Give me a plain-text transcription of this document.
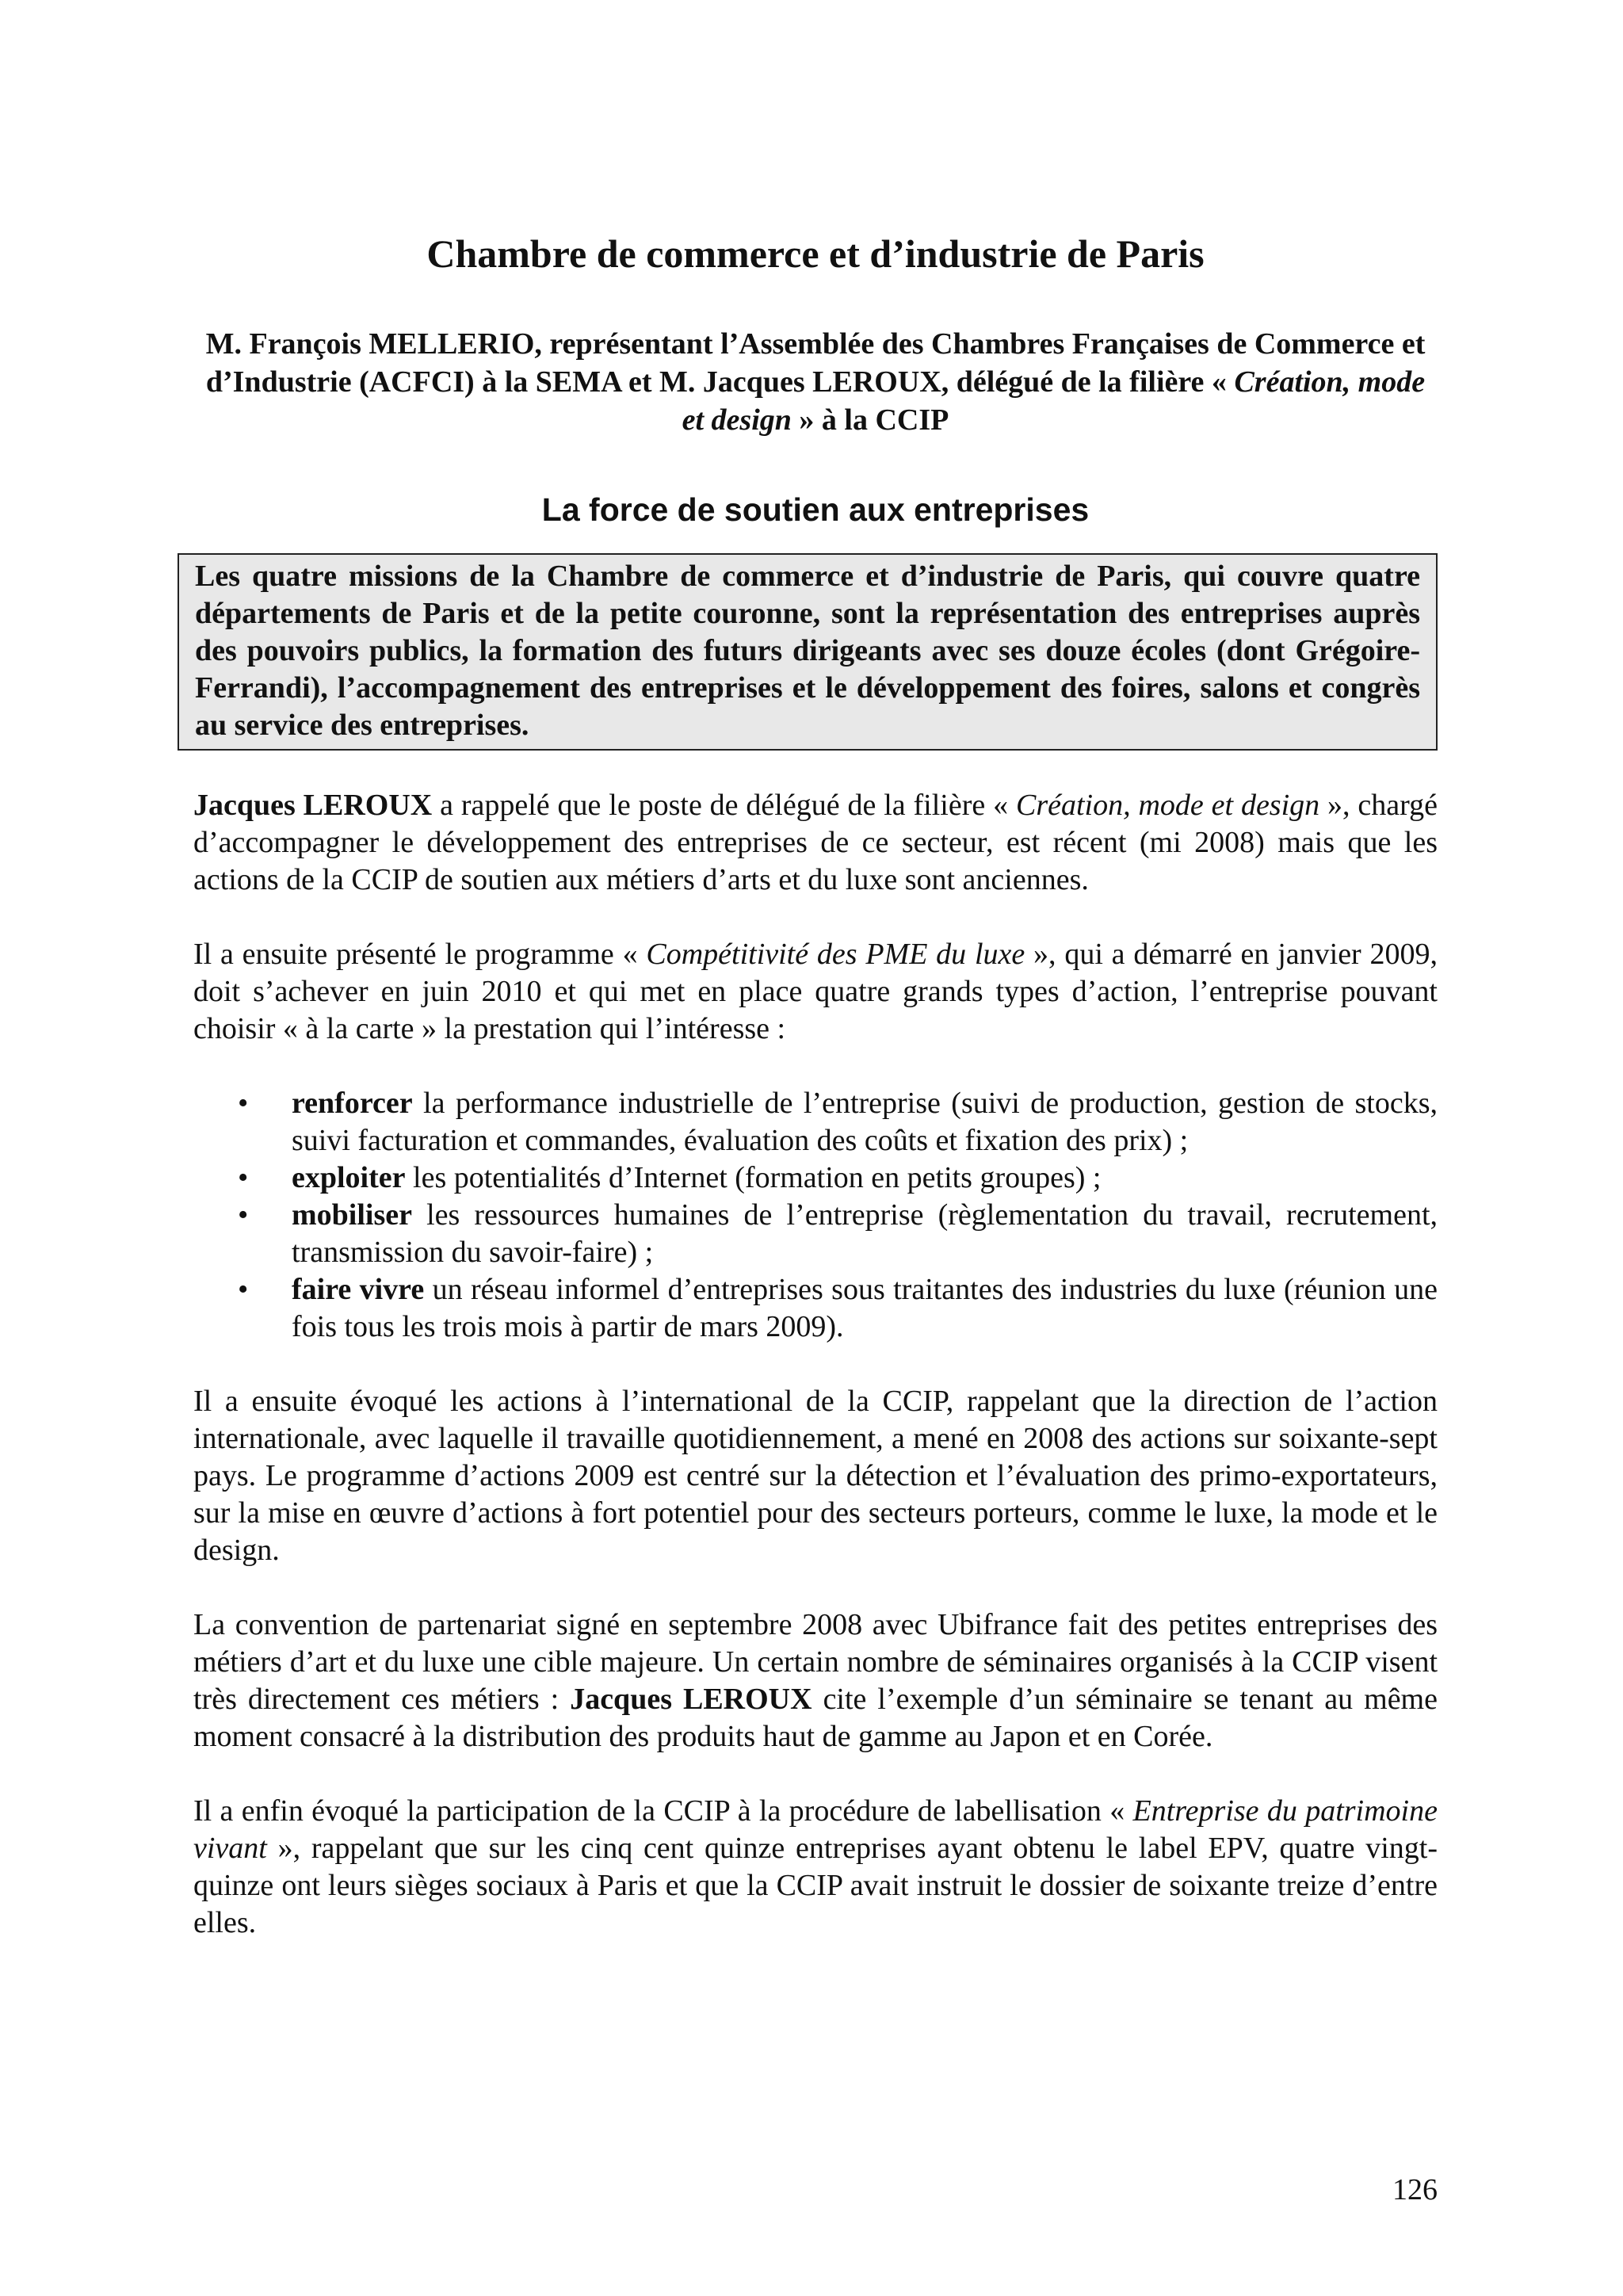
Chambre de commerce et d’industrie de Paris
M. François MELLERIO, représentant l’Assemblée des Chambres Françaises de Commerce et d’Industrie (ACFCI) à la SEMA et M. Jacques LEROUX, délégué de la filière « Création, mode et design » à la CCIP
La force de soutien aux entreprises
Les quatre missions de la Chambre de commerce et d’industrie de Paris, qui couvre quatre départements de Paris et de la petite couronne, sont la représentation des entreprises auprès des pouvoirs publics, la formation des futurs dirigeants avec ses douze écoles (dont Grégoire-Ferrandi), l’accompagnement des entreprises et le développement des foires, salons et congrès au service des entreprises.

Jacques LEROUX a rappelé que le poste de délégué de la filière « Création, mode et design », chargé d’accompagner le développement des entreprises de ce secteur, est récent (mi 2008) mais que les actions de la CCIP de soutien aux métiers d’arts et du luxe sont anciennes.

Il a ensuite présenté le programme « Compétitivité des PME du luxe », qui a démarré en janvier 2009, doit s’achever en juin 2010 et qui met en place quatre grands types d’action, l’entreprise pouvant choisir « à la carte » la prestation qui l’intéresse :

• renforcer la performance industrielle de l’entreprise (suivi de production, gestion de stocks, suivi facturation et commandes, évaluation des coûts et fixation des prix) ;
• exploiter les potentialités d’Internet (formation en petits groupes) ;
• mobiliser les ressources humaines de l’entreprise (règlementation du travail, recrutement, transmission du savoir-faire) ;
• faire vivre un réseau informel d’entreprises sous traitantes des industries du luxe (réunion une fois tous les trois mois à partir de mars 2009).

Il a ensuite évoqué les actions à l’international de la CCIP, rappelant que la direction de l’action internationale, avec laquelle il travaille quotidiennement, a mené en 2008 des actions sur soixante-sept pays. Le programme d’actions 2009 est centré sur la détection et l’évaluation des primo-exportateurs, sur la mise en œuvre d’actions à fort potentiel pour des secteurs porteurs, comme le luxe, la mode et le design.

La convention de partenariat signé en septembre 2008 avec Ubifrance fait des petites entreprises des métiers d’art et du luxe une cible majeure. Un certain nombre de séminaires organisés à la CCIP visent très directement ces métiers : Jacques LEROUX cite l’exemple d’un séminaire se tenant au même moment consacré à la distribution des produits haut de gamme au Japon et en Corée.

Il a enfin évoqué la participation de la CCIP à la procédure de labellisation « Entreprise du patrimoine vivant », rappelant que sur les cinq cent quinze entreprises ayant obtenu le label EPV, quatre vingt-quinze ont leurs sièges sociaux à Paris et que la CCIP avait instruit le dossier de soixante treize d’entre elles.

126
